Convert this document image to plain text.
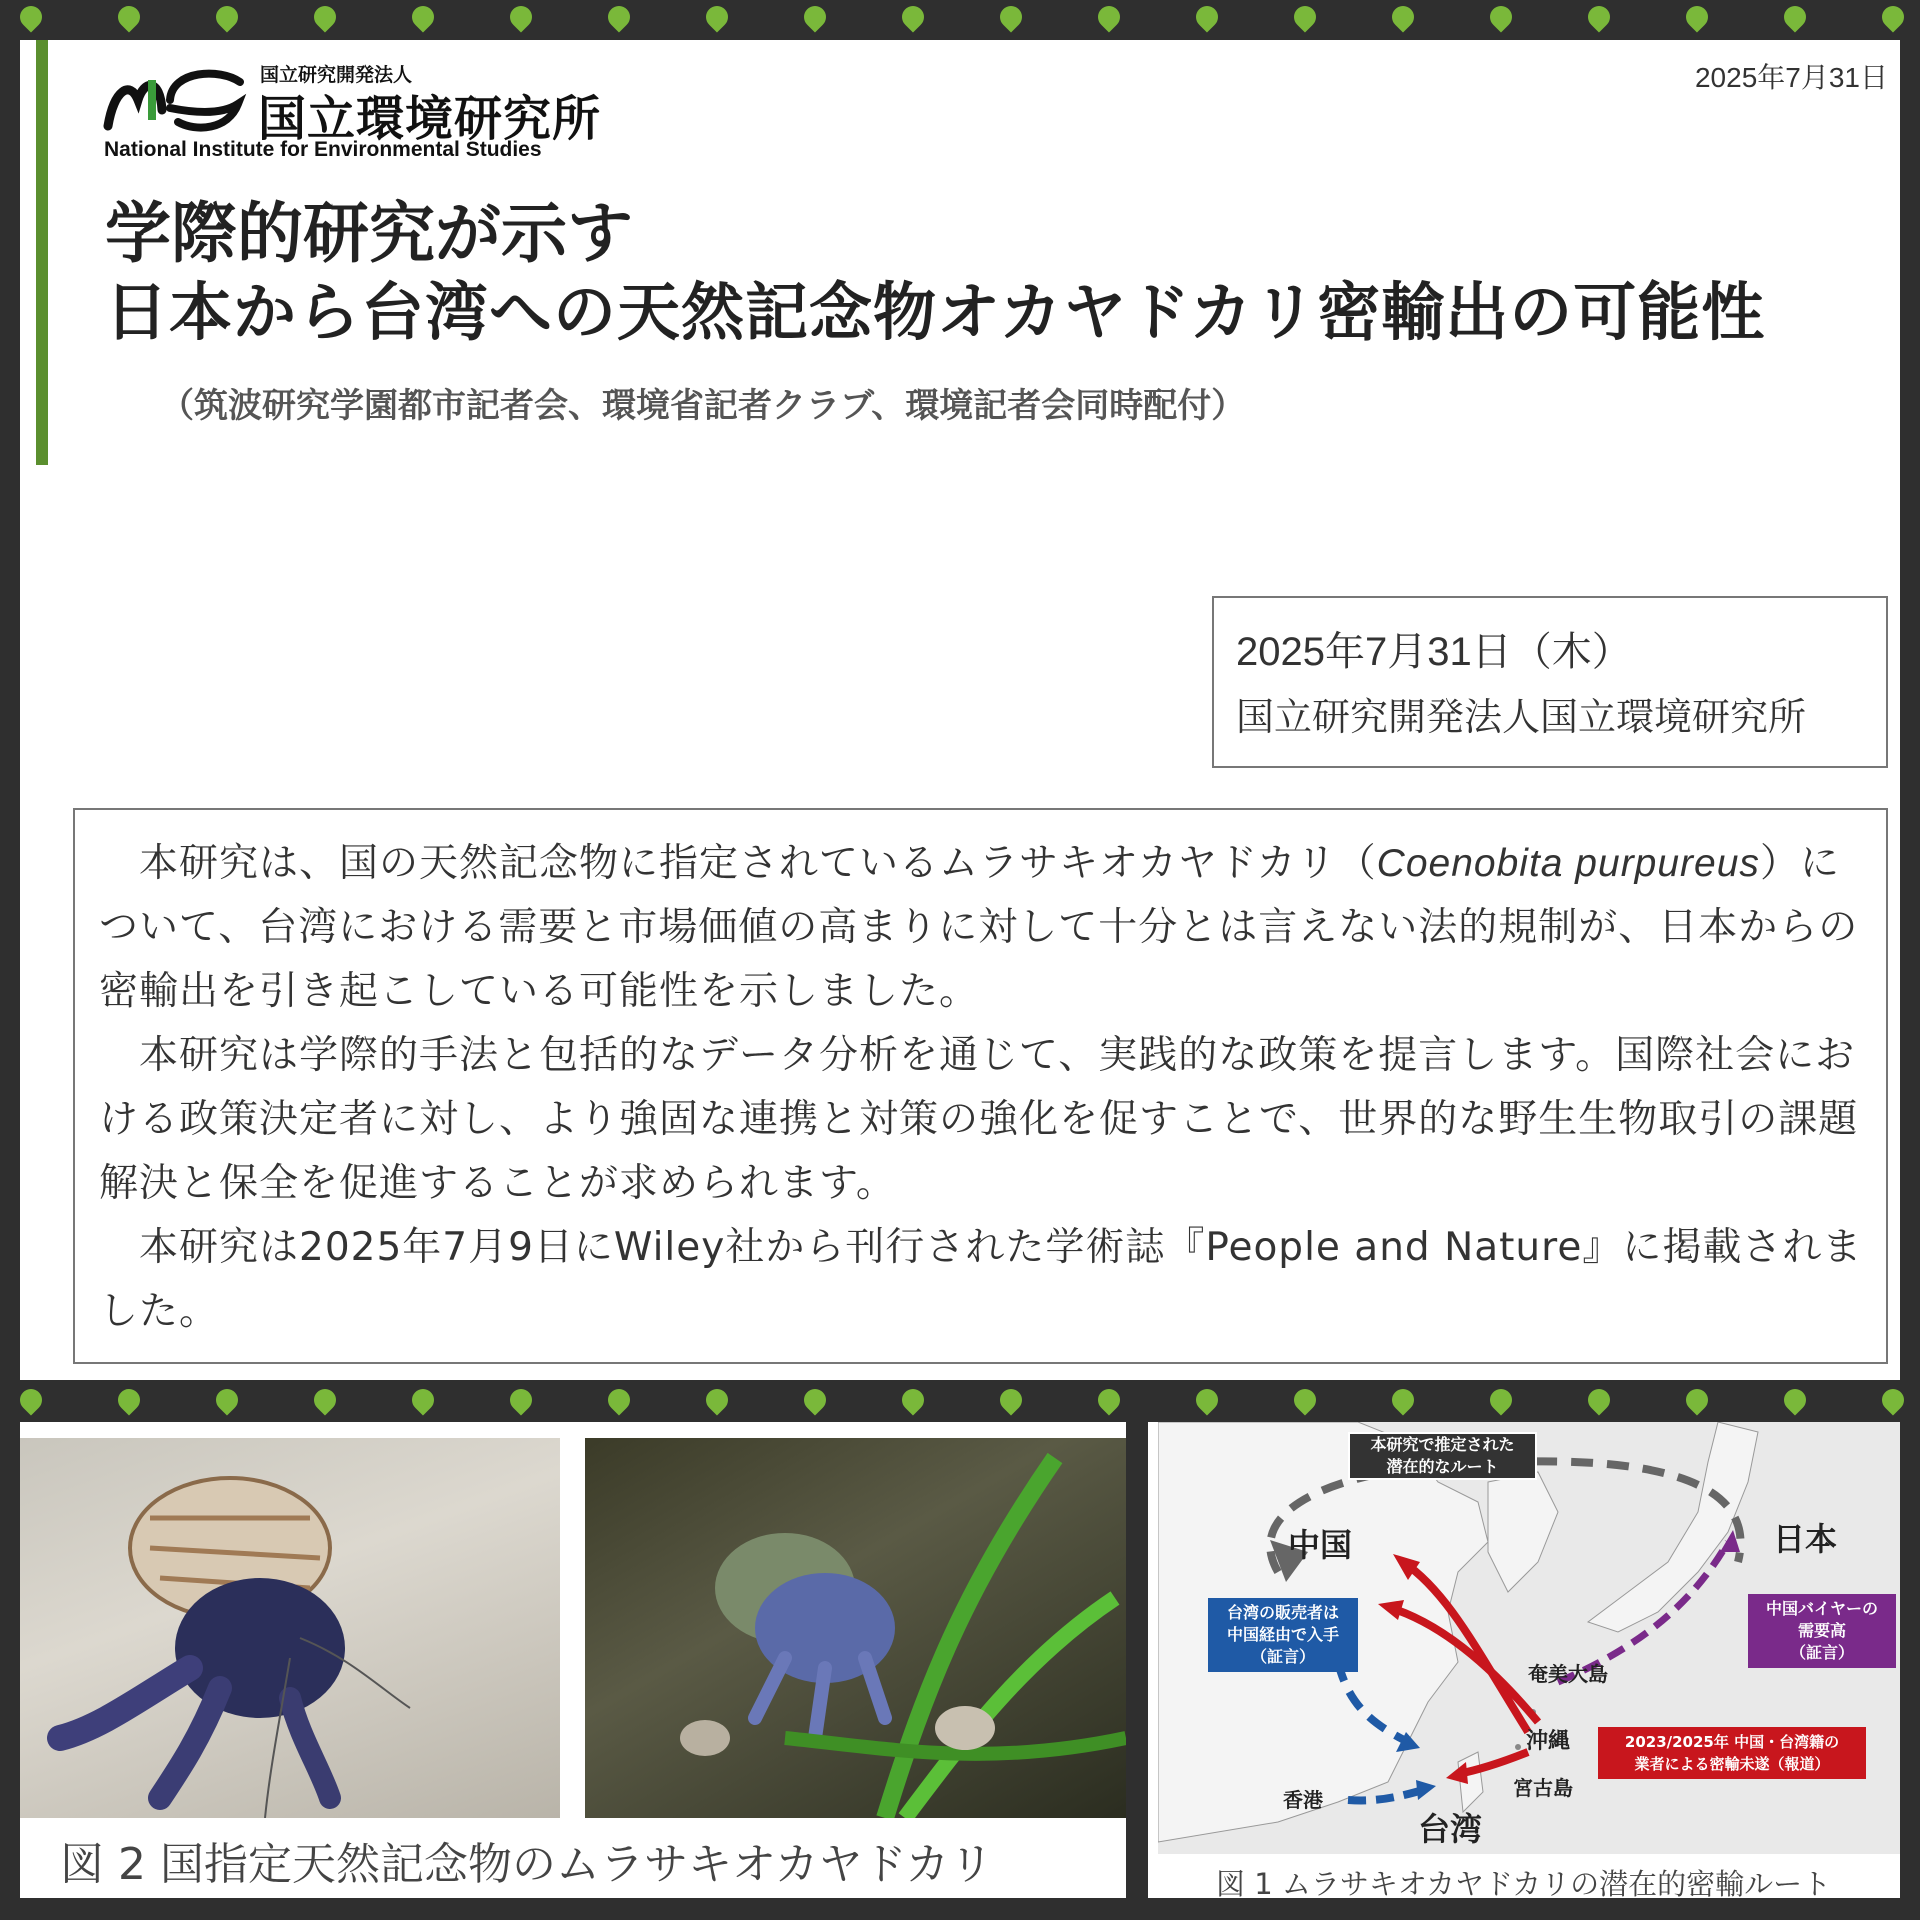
国立研究開発法人
国立環境研究所
National Institute for Environmental Studies
2025年7月31日
学際的研究が示す
日本から台湾への天然記念物オカヤドカリ密輸出の可能性
（筑波研究学園都市記者会、環境省記者クラブ、環境記者会同時配付）
2025年7月31日（木）
国立研究開発法人国立環境研究所

本研究は、国の天然記念物に指定されているムラサキオカヤドカリ（Coenobita purpureus）について、台湾における需要と市場価値の高まりに対して十分とは言えない法的規制が、日本からの密輸出を引き起こしている可能性を示しました。

本研究は学際的手法と包括的なデータ分析を通じて、実践的な政策を提言します。国際社会における政策決定者に対し、より強固な連携と対策の強化を促すことで、世界的な野生生物取引の課題解決と保全を促進することが求められます。

本研究は2025年7月9日にWiley社から刊行された学術誌『People and Nature』に掲載されました。

図 2 国指定天然記念物のムラサキオカヤドカリ
本研究で推定された
潜在的なルート
中国	日本
台湾
香港
奄美大島
沖縄
宮古島
台湾の販売者は
中国経由で入手
（証言）
中国バイヤーの
需要高
（証言）
2023/2025年 中国・台湾籍の
業者による密輸未遂（報道）
図 1 ムラサキオカヤドカリの潜在的密輸ルート
